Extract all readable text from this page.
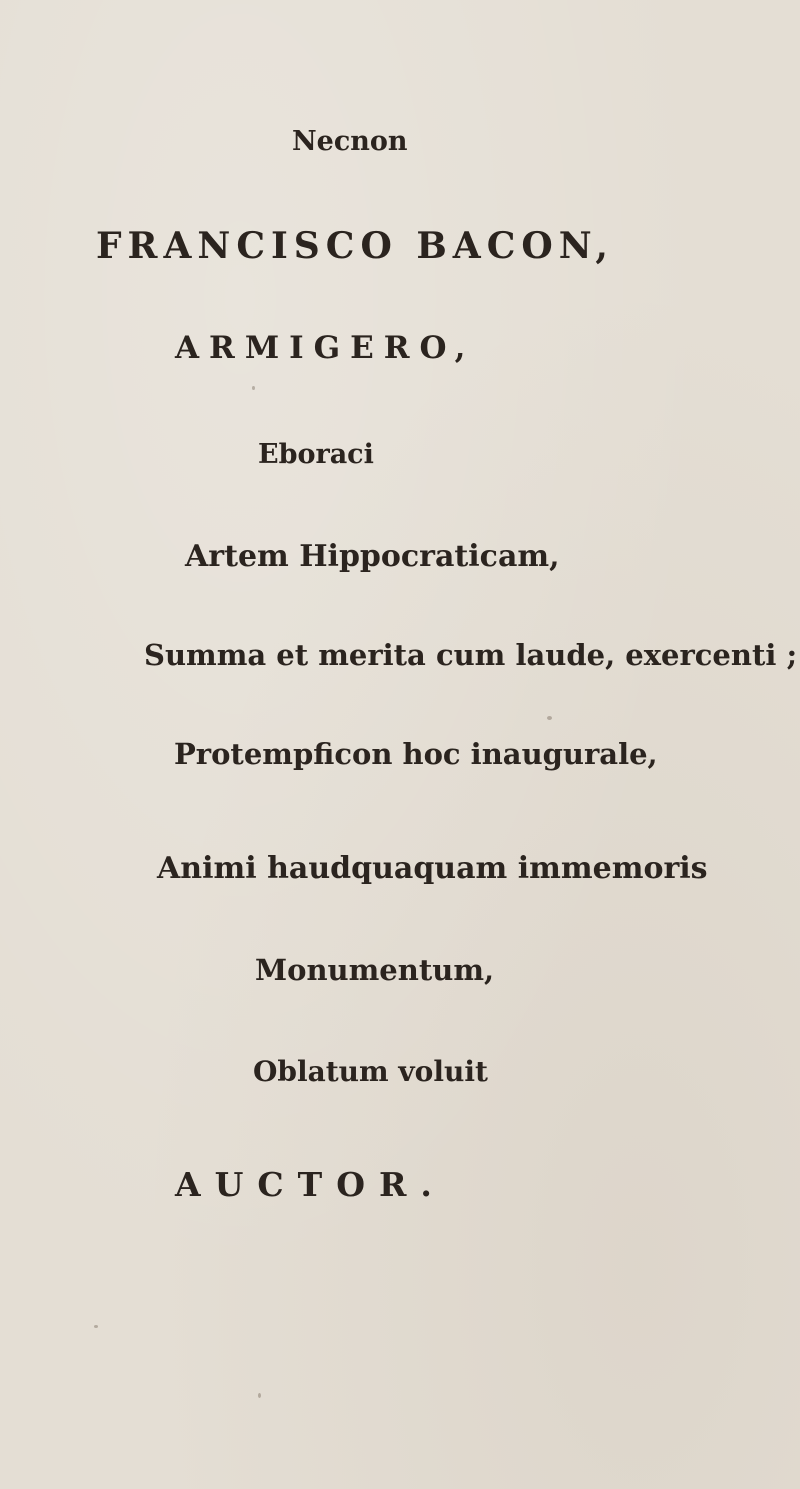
Necnon
FRANCISCO BACON,
ARMIGERO,
Eboraci
Artem Hippocraticam,
Summa et merita cum laude, exercenti ;
Protempficon hoc inaugurale,
Animi haudquaquam immemoris
Monumentum,
Oblatum voluit
AUCTOR.
